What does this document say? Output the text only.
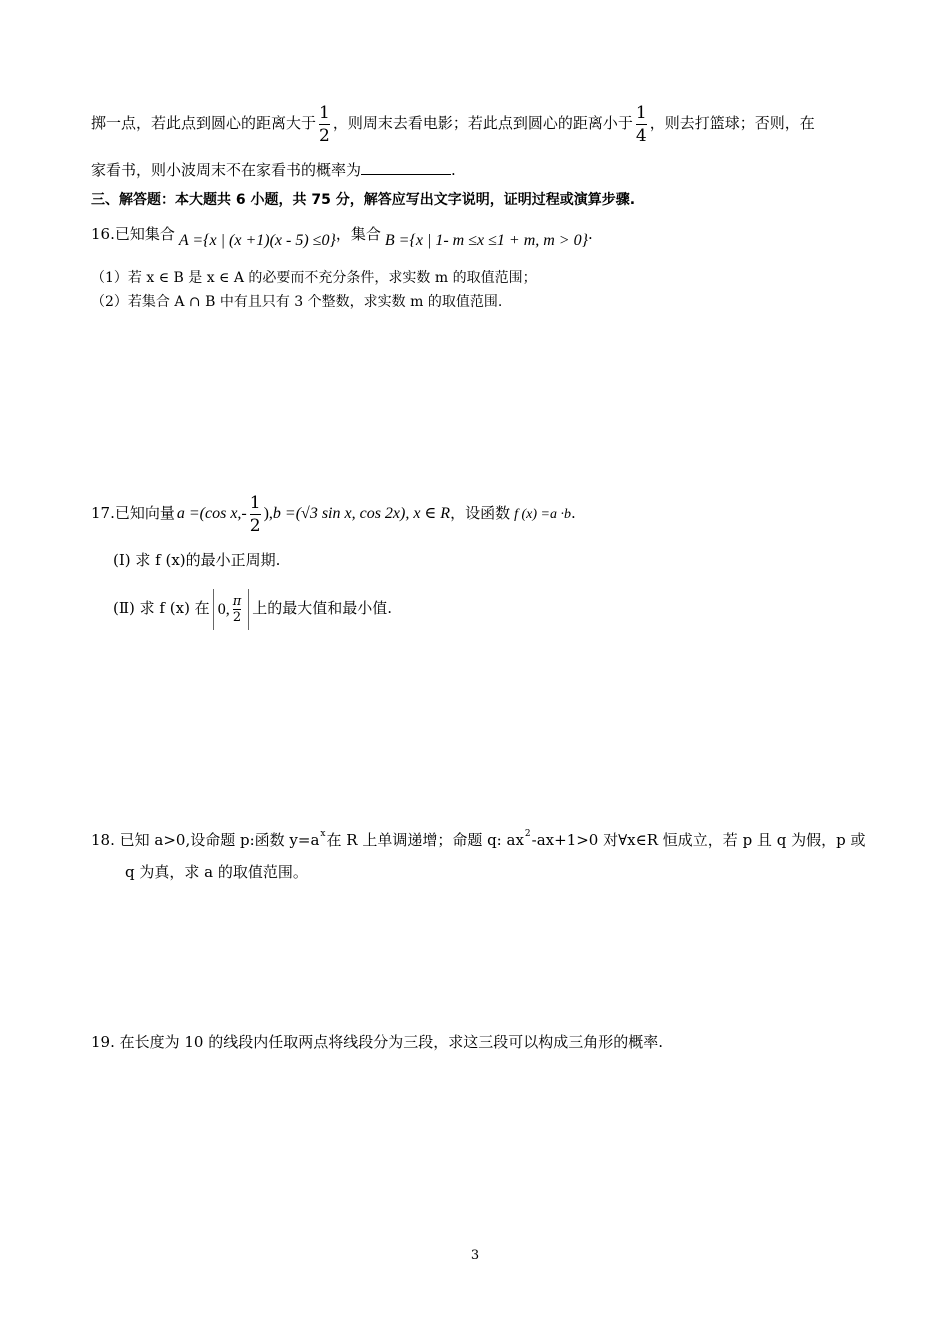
掷一点，若此点到圆心的距离大于 $\frac{1}{2}$ ，则周末去看电影；若此点到圆心的距离小于 $\frac{1}{4}$ ，则去打篮球；否则，在
家看书，则小波周末不在家看书的概率为	.
三、解答题：本大题共 6 小题，共 75 分，解答应写出文字说明，证明过程或演算步骤.
16.已知集合 A ={x | (x +1)(x - 5) ≤0}，集合 B ={x | 1- m ≤x ≤1 + m, m > 0}.
（1）若 x ∈ B 是 x ∈ A 的必要而不充分条件，求实数 m 的取值范围；
（2）若集合 A ∩ B 中有且只有 3 个整数，求实数 m 的取值范围.
17.已知向量 a =(cos $x,- \frac{1}{2} ),b =(√3$ sin x, cos 2x), x ∈ R，设函数 f (x) =a ·b.
(Ⅰ) 求 f (x)的最小正周期.
(Ⅱ) 求 f (x) 在 0, $\frac{\pi}{2}$ 上的最大值和最小值.
18. 已知 a>0,设命题 p:函数 $y=a^x$在 R 上单调递增；命题 q: $ax^2-ax+1>0$ 对∀x∈R 恒成立，若 p 且 q 为假，p 或
q 为真，求 a 的取值范围。
19. 在长度为 10 的线段内任取两点将线段分为三段，求这三段可以构成三角形的概率.
3
